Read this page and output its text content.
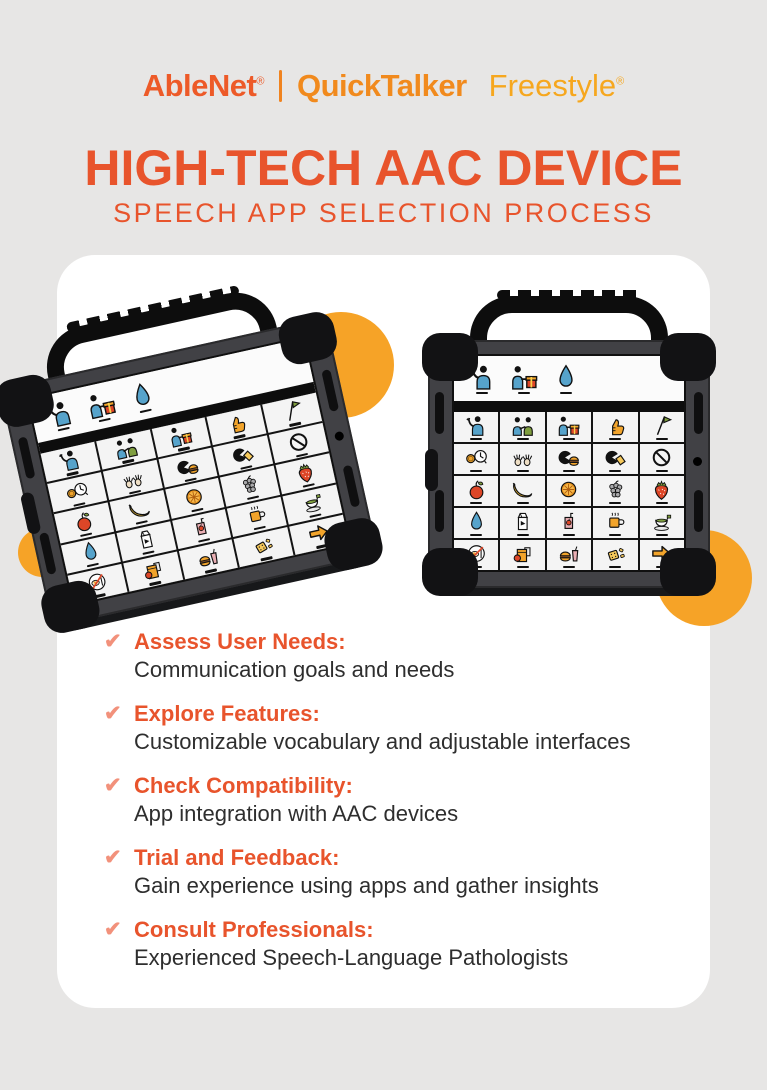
AbleNet® QuickTalker Freestyle®
HIGH-TECH AAC DEVICE
SPEECH APP SELECTION PROCESS
✔ Assess User Needs:
Communication goals and needs
✔ Explore Features:
Customizable vocabulary and adjustable interfaces
✔ Check Compatibility:
App integration with AAC devices
✔ Trial and Feedback:
Gain experience using apps and gather insights
✔ Consult Professionals:
Experienced Speech-Language Pathologists
